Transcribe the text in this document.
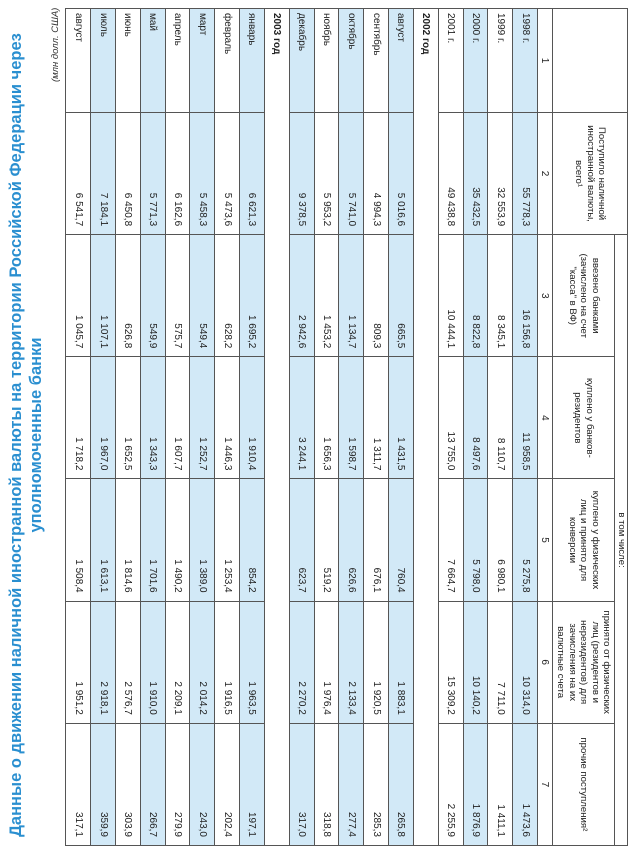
Данные о движении наличной иностранной валюты на территории Российской Федерации через уполномоченные банки
(млн долл. США)
	Поступило наличной иностранной валюты, всего¹	в том числе:				
		ввезено банками (зачислено на счет "касса" в ВФ)	куплено у банков-резидентов	куплено у физических лиц и принято для конверсии	принято от физических лиц (резидентов и нерезидентов) для зачисления на их валютные счета	прочие поступления²
1	2	3	4	5	6	7
1998 г.	55 778,3	16 156,8	11 958,5	5 275,8	10 314,0	1 473,6
1999 г.	32 553,9	8 345,1	8 110,7	6 980,1	7 711,0	1 411,1
2000 г.	35 432,5	8 822,8	8 497,6	5 798,0	10 140,2	1 876,9
2001 г.	49 438,8	10 444,1	13 755,0	7 664,7	15 309,2	2 255,9
2002 год						
август	5 016,6	665,5	1 431,5	760,4	1 883,1	265,8
сентябрь	4 994,3	809,3	1 311,7	676,1	1 920,5	285,3
октябрь	5 741,0	1 134,7	1 598,7	626,6	2 133,4	277,4
ноябрь	5 953,2	1 453,2	1 656,3	519,2	1 976,4	318,8
декабрь	9 378,5	2 942,6	3 244,1	623,7	2 270,2	317,0
2003 год						
январь	6 621,3	1 695,2	1 910,4	854,2	1 963,5	197,1
февраль	5 473,6	628,2	1 446,3	1 253,4	1 916,5	202,4
март	5 458,3	549,4	1 252,7	1 389,0	2 014,2	243,0
апрель	6 162,6	575,7	1 607,7	1 490,2	2 209,1	279,9
май	5 771,3	549,9	1 343,3	1 701,6	1 910,0	266,7
июнь	6 450,8	626,8	1 652,5	1 814,6	2 576,7	303,9
июль	7 184,1	1 107,1	1 967,0	1 613,1	2 918,1	359,9
август	6 541,7	1 045,7	1 718,2	1 508,4	1 951,2	317,1
